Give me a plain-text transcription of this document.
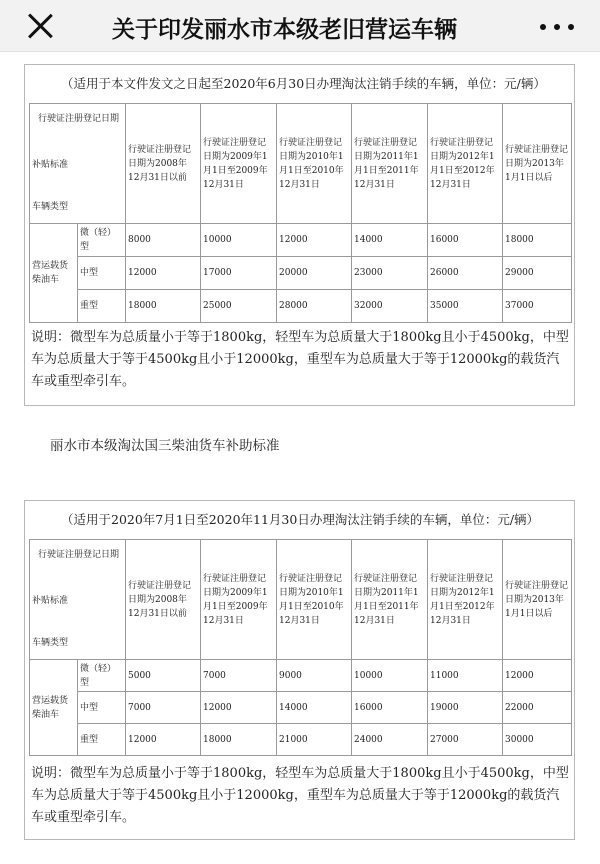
关于印发丽水市本级老旧营运车辆
（适用于本文件发文之日起至2020年6月30日办理淘汰注销手续的车辆，单位：元/辆）
行驶证注册登记日期
补贴标准
车辆类型		行驶证注册登记日期为2008年12月31日以前	行驶证注册登记日期为2009年1月1日至2009年12月31日	行驶证注册登记日期为2010年1月1日至2010年12月31日	行驶证注册登记日期为2011年1月1日至2011年12月31日	行驶证注册登记日期为2012年1月1日至2012年12月31日	行驶证注册登记日期为2013年1月1日以后
营运载货柴油车	微（轻）型	8000	10000	12000	14000	16000	18000
	中型	12000	17000	20000	23000	26000	29000
	重型	18000	25000	28000	32000	35000	37000
说明：微型车为总质量小于等于1800kg，轻型车为总质量大于1800kg且小于4500kg，中型车为总质量大于等于4500kg且小于12000kg，重型车为总质量大于等于12000kg的载货汽车或重型牵引车。
丽水市本级淘汰国三柴油货车补助标准
（适用于2020年7月1日至2020年11月30日办理淘汰注销手续的车辆，单位：元/辆）
行驶证注册登记日期
补贴标准
车辆类型		行驶证注册登记日期为2008年12月31日以前	行驶证注册登记日期为2009年1月1日至2009年12月31日	行驶证注册登记日期为2010年1月1日至2010年12月31日	行驶证注册登记日期为2011年1月1日至2011年12月31日	行驶证注册登记日期为2012年1月1日至2012年12月31日	行驶证注册登记日期为2013年1月1日以后
营运载货柴油车	微（轻）型	5000	7000	9000	10000	11000	12000
	中型	7000	12000	14000	16000	19000	22000
	重型	12000	18000	21000	24000	27000	30000
说明：微型车为总质量小于等于1800kg，轻型车为总质量大于1800kg且小于4500kg，中型车为总质量大于等于4500kg且小于12000kg，重型车为总质量大于等于12000kg的载货汽车或重型牵引车。
